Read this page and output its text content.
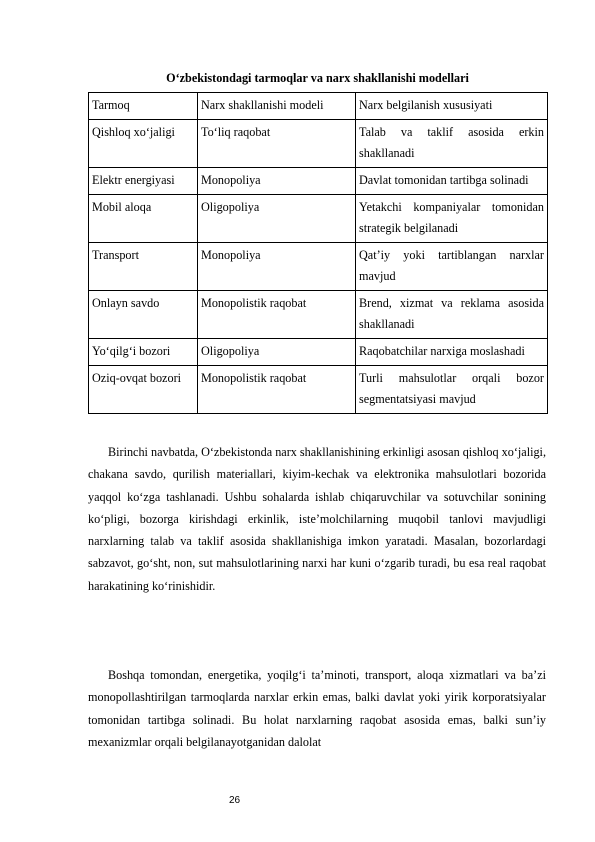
O‘zbekistondagi tarmoqlar va narx shakllanishi modellari
Tarmoq	Narx shakllanishi modeli	Narx belgilanish xususiyati
Qishloq xo‘jaligi	To‘liq raqobat	Talab va taklif asosida erkin shakllanadi
Elektr energiyasi	Monopoliya	Davlat tomonidan tartibga solinadi
Mobil aloqa	Oligopoliya	Yetakchi kompaniyalar tomonidan strategik belgilanadi
Transport	Monopoliya	Qat’iy yoki tartiblangan narxlar mavjud
Onlayn savdo	Monopolistik raqobat	Brend, xizmat va reklama asosida shakllanadi
Yo‘qilg‘i bozori	Oligopoliya	Raqobatchilar narxiga moslashadi
Oziq-ovqat bozori	Monopolistik raqobat	Turli mahsulotlar orqali bozor segmentatsiyasi mavjud

Birinchi navbatda, O‘zbekistonda narx shakllanishining erkinligi asosan qishloq xo‘jaligi, chakana savdo, qurilish materiallari, kiyim-kechak va elektronika mahsulotlari bozorida yaqqol ko‘zga tashlanadi. Ushbu sohalarda ishlab chiqaruvchilar va sotuvchilar sonining ko‘pligi, bozorga kirishdagi erkinlik, iste’molchilarning muqobil tanlovi mavjudligi narxlarning talab va taklif asosida shakllanishiga imkon yaratadi. Masalan, bozorlardagi sabzavot, go‘sht, non, sut mahsulotlarining narxi har kuni o‘zgarib turadi, bu esa real raqobat harakatining ko‘rinishidir.

Boshqa tomondan, energetika, yoqilg‘i ta’minoti, transport, aloqa xizmatlari va ba’zi monopollashtirilgan tarmoqlarda narxlar erkin emas, balki davlat yoki yirik korporatsiyalar tomonidan tartibga solinadi. Bu holat narxlarning raqobat asosida emas, balki sun’iy mexanizmlar orqali belgilanayotganidan dalolat

26
